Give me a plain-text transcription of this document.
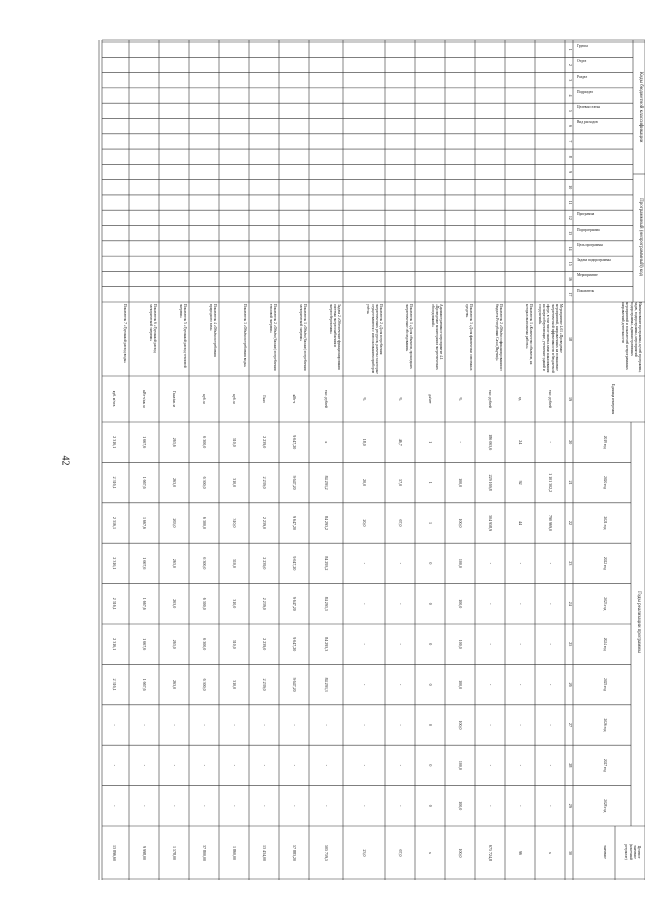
42
Коды бюджетной классификации
Программный (непрограммный) код
Наименование программы, целей программы, задач, подпрограммы, мероприятий подпрограммы, административных мероприятий и показателей непрограммных направлений деятельности
Единица измерения
Годы реализации программы
Целевое
значение
(конечный
результат)
значение
Группа
Отдел
Раздел
Подраздел
Целевая статья
Вид расходов
Программа
Подпрограмма
Цель программы
Задача подпрограммы
Мероприятие
Показатель
2019 год
2020 год
2021 год
2022 год
2023 год
2024 год
2025 год
2026 год
2027 год
2028 год
1
2
3
4
5
6
7
8
9
10
11
12
13
14
15
16
17
18
19
20
21
22
23
24
25
26
27
28
29
30
Мероприятие 4.01 «Проведение мероприятий, направленных на повышение энергетической эффективности в бюджетной сфере, в том числе замена ламп накаливания на энергосберегающие, утепление зданий и сооружений»
тыс. рублей
-
1 101 302,2
790 969,0
-
-
-
-
-
-
-
х
Показатель 1 «Количество объектов, на которых выполнены работы»
ед.
24
92
44
-
-
-
-
-
-
-
96
Показатель 2 «Объём софинансирования из бюджета Республики Саха (Якутия)»
тыс. рублей
186 063,6
229 169,8
304 958,9
-
-
-
-
-
-
-
675 724,8
Показатель 3 «Доля фактически освоенных средств»
%
-
100,0
100,0
100,0
100,0
100,0
100,0
100,0
100,0
100,0
100,0
Административное мероприятие 4.1 «Проведение мониторинга энергетических обследований»
да/нет
1
1
1
0
0
0
0
0
0
0
х
Показатель 1 «Доля объектов, прошедших энергетические обследования»
%
46,7
57,0
67,0
-
-
-
-
-
-
-
67,0
Показатель 2 «Доля потребления энергетических ресурсов, расчеты за которые осуществляются с использованием приборов учёта»
%
18,0
20,0
20,0
-
-
-
-
-
-
-
23,0
Задача 2 «Обеспечение функционирования системы энергоснабжения и энергосбережения»
тыс. рублей
х
84 293,2
84 293,2
84 293,2
84 293,3
84 293,3
84 293,3
-
-
-
505 759,5
Показатель 1 «Объём (баланс) потребления электрической энергии»
кВт·ч
9 647,20
9 647,20
9 647,20
9 647,20
9 647,20
9 647,20
9 647,20
-
-
-
57 883,20
Показатель 2 «Объём (баланс) потребления тепловой энергии»
Гкал
2 239,0
2 239,0
2 239,0
2 239,0
2 239,0
2 239,0
2 239,0
-
-
-
13 434,00
Показатель 3 «Объём потребления воды»
куб. м
310,0
310,0
310,0
310,0
310,0
310,0
310,0
-
-
-
1 860,00
Показатель 4 «Объём потребления природного газа»
куб. м
6 300,0
6 300,0
6 300,0
6 300,0
6 300,0
6 300,0
6 300,0
-
-
-
37 800,00
Показатель 5 «Удельный расход тепловой энергии»
Гкал/кв. м
263,6
263,0
263,0
263,0
263,0
263,0
263,0
-
-
-
1 578,00
Показатель 6 «Удельный расход электрической энергии»
кВт·ч/кв. м
1 667,6
1 667,6
1 667,6
1 667,6
1 667,6
1 667,6
1 667,6
-
-
-
9 998,00
Показатель 7 «Удельный расход воды»
куб. м/чел.
2 316,1
2 316,1
2 316,1
2 316,1
2 316,1
2 316,1
2 316,1
-
-
-
13 896,60
